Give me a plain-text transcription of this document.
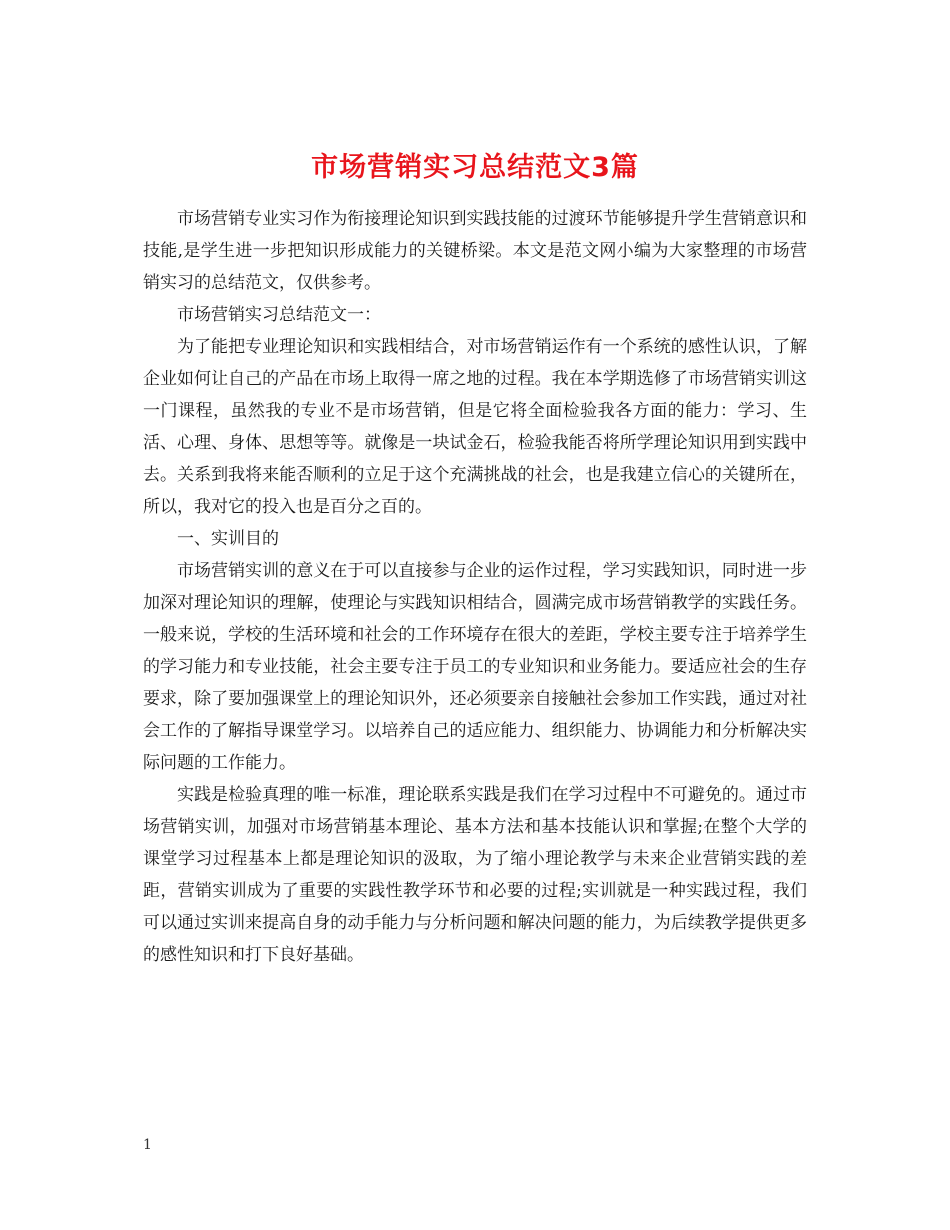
市场营销实习总结范文3篇

市场营销专业实习作为衔接理论知识到实践技能的过渡环节能够提升学生营销意识和技能,是学生进一步把知识形成能力的关键桥梁。本文是范文网小编为大家整理的市场营销实习的总结范文，仅供参考。

市场营销实习总结范文一：

为了能把专业理论知识和实践相结合，对市场营销运作有一个系统的感性认识，了解企业如何让自己的产品在市场上取得一席之地的过程。我在本学期选修了市场营销实训这一门课程，虽然我的专业不是市场营销，但是它将全面检验我各方面的能力：学习、生活、心理、身体、思想等等。就像是一块试金石，检验我能否将所学理论知识用到实践中去。关系到我将来能否顺利的立足于这个充满挑战的社会，也是我建立信心的关键所在，所以，我对它的投入也是百分之百的。

一、实训目的

市场营销实训的意义在于可以直接参与企业的运作过程，学习实践知识，同时进一步加深对理论知识的理解，使理论与实践知识相结合，圆满完成市场营销教学的实践任务。一般来说，学校的生活环境和社会的工作环境存在很大的差距，学校主要专注于培养学生的学习能力和专业技能，社会主要专注于员工的专业知识和业务能力。要适应社会的生存要求，除了要加强课堂上的理论知识外，还必须要亲自接触社会参加工作实践，通过对社会工作的了解指导课堂学习。以培养自己的适应能力、组织能力、协调能力和分析解决实际问题的工作能力。

实践是检验真理的唯一标准，理论联系实践是我们在学习过程中不可避免的。通过市场营销实训，加强对市场营销基本理论、基本方法和基本技能认识和掌握;在整个大学的课堂学习过程基本上都是理论知识的汲取，为了缩小理论教学与未来企业营销实践的差距，营销实训成为了重要的实践性教学环节和必要的过程;实训就是一种实践过程，我们可以通过实训来提高自身的动手能力与分析问题和解决问题的能力，为后续教学提供更多的感性知识和打下良好基础。

1
